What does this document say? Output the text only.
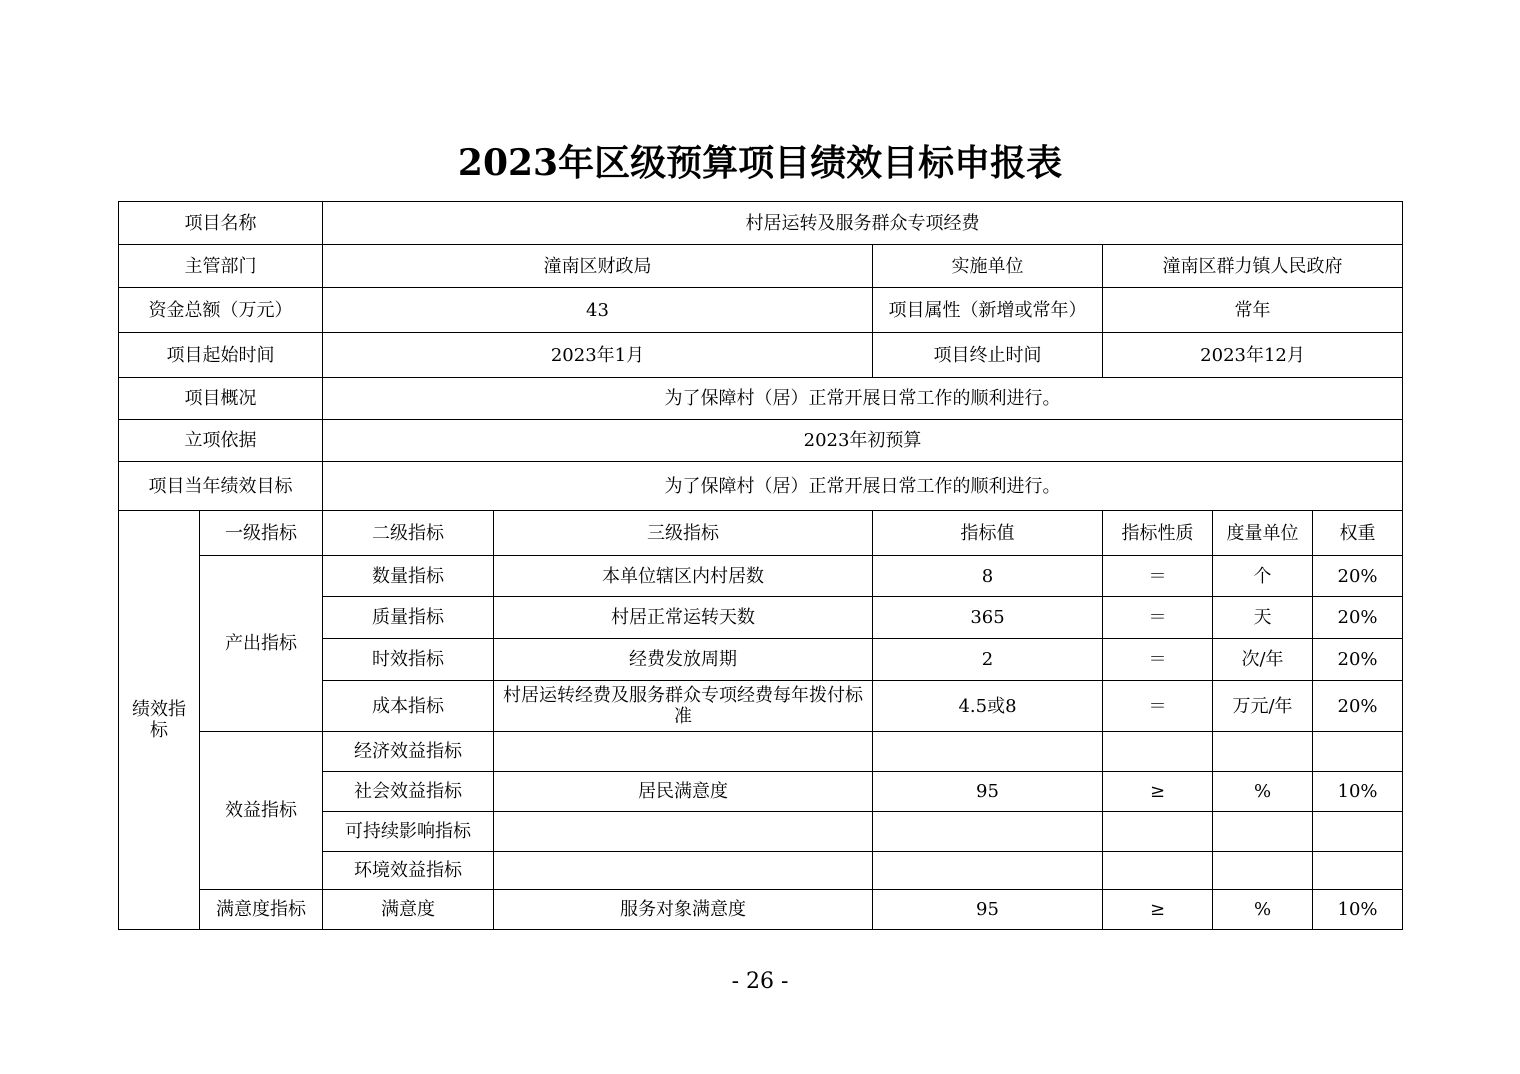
2023年区级预算项目绩效目标申报表
项目名称		村居运转及服务群众专项经费					
主管部门		潼南区财政局		实施单位	潼南区群力镇人民政府		
资金总额（万元）		43		项目属性（新增或常年）	常年		
项目起始时间		2023年1月		项目终止时间	2023年12月		
项目概况		为了保障村（居）正常开展日常工作的顺利进行。					
立项依据		2023年初预算					
项目当年绩效目标		为了保障村（居）正常开展日常工作的顺利进行。					

绩效指标	一级指标	二级指标	三级指标	指标值	指标性质	度量单位	权重
	产出指标	数量指标	本单位辖区内村居数	8	＝	个	20%
		质量指标	村居正常运转天数	365	＝	天	20%
		时效指标	经费发放周期	2	＝	次/年	20%
		成本指标	村居运转经费及服务群众专项经费每年拨付标准	4.5或8	＝	万元/年	20%
	效益指标	经济效益指标					
		社会效益指标	居民满意度	95	≥	%	10%
		可持续影响指标					
		环境效益指标					
	满意度指标	满意度	服务对象满意度	95	≥	%	10%
- 26 -
